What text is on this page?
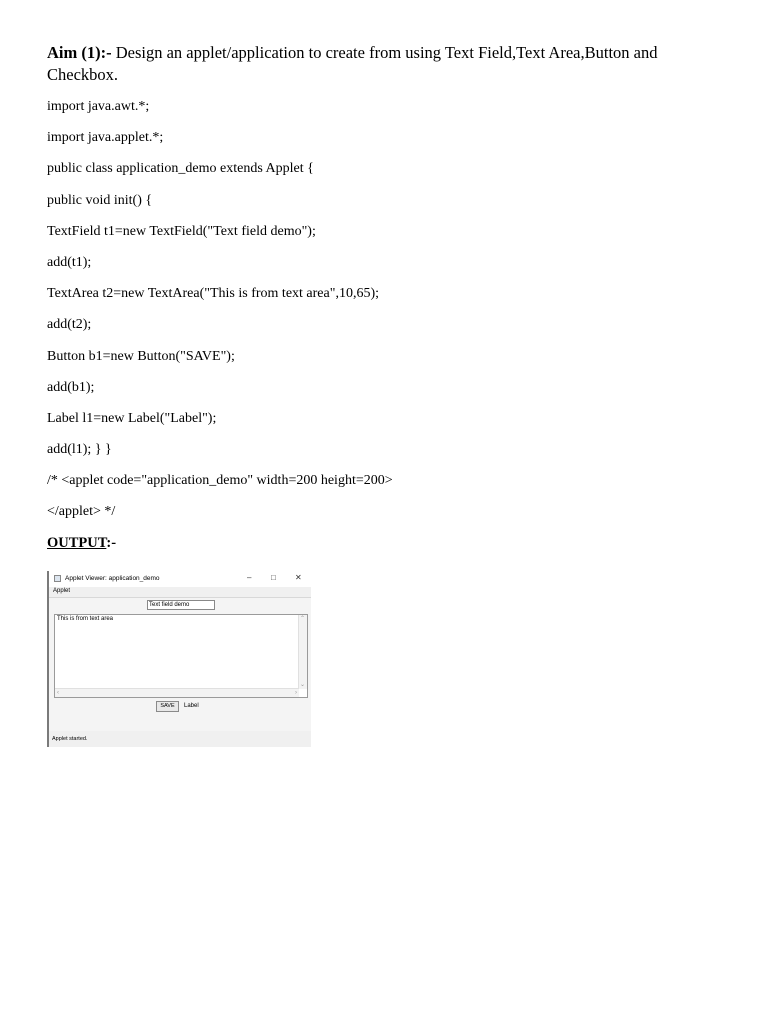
Aim (1):- Design an applet/application to create from using Text Field,Text Area,Button and Checkbox.

import java.awt.*;

import java.applet.*;

public class application_demo extends Applet {

public void init() {

TextField t1=new TextField("Text field demo");

add(t1);

TextArea t2=new TextArea("This is from text area",10,65);

add(t2);

Button b1=new Button("SAVE");

add(b1);

Label l1=new Label("Label");

add(l1); } }

/* <applet code="application_demo" width=200 height=200>

</applet> */

OUTPUT:-

Applet Viewer: application_demo	– □ ✕
Applet
Text field demo
This is from text area	⌃
⌄
‹	›
SAVE	Label
Applet started.
